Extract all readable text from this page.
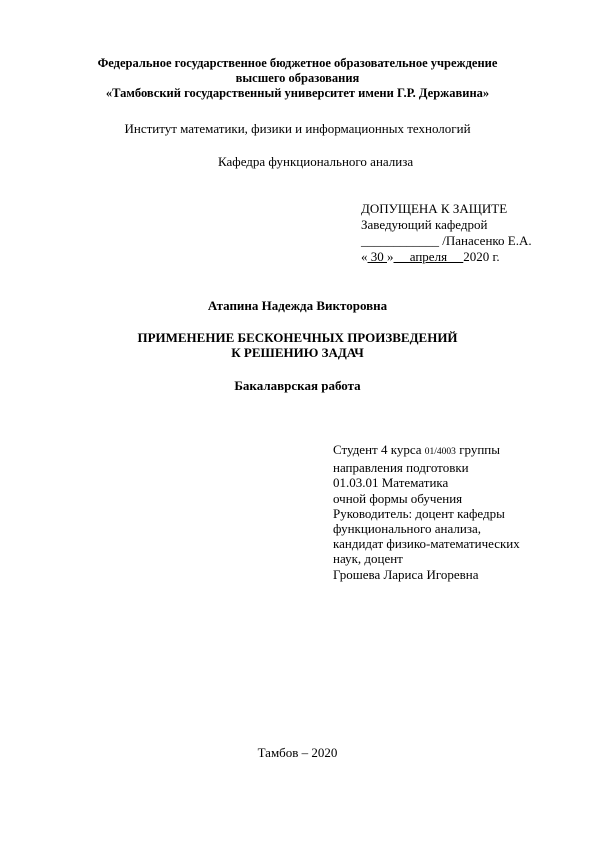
Федеральное государственное бюджетное образовательное учреждение
высшего образования
«Тамбовский государственный университет имени Г.Р. Державина»
Институт математики, физики и информационных технологий
Кафедра функционального анализа
ДОПУЩЕНА К ЗАЩИТЕ
Заведующий кафедрой
____________ /Панасенко Е.А.
« 30 »     апреля     2020 г.
Атапина Надежда Викторовна
ПРИМЕНЕНИЕ БЕСКОНЕЧНЫХ ПРОИЗВЕДЕНИЙ
К РЕШЕНИЮ ЗАДАЧ
Бакалаврская работа
Студент 4 курса 01/4003 группы
направления подготовки
01.03.01 Математика
очной формы обучения
Руководитель: доцент кафедры
функционального анализа,
кандидат физико-математических
наук, доцент
Грошева Лариса Игоревна
Тамбов – 2020
